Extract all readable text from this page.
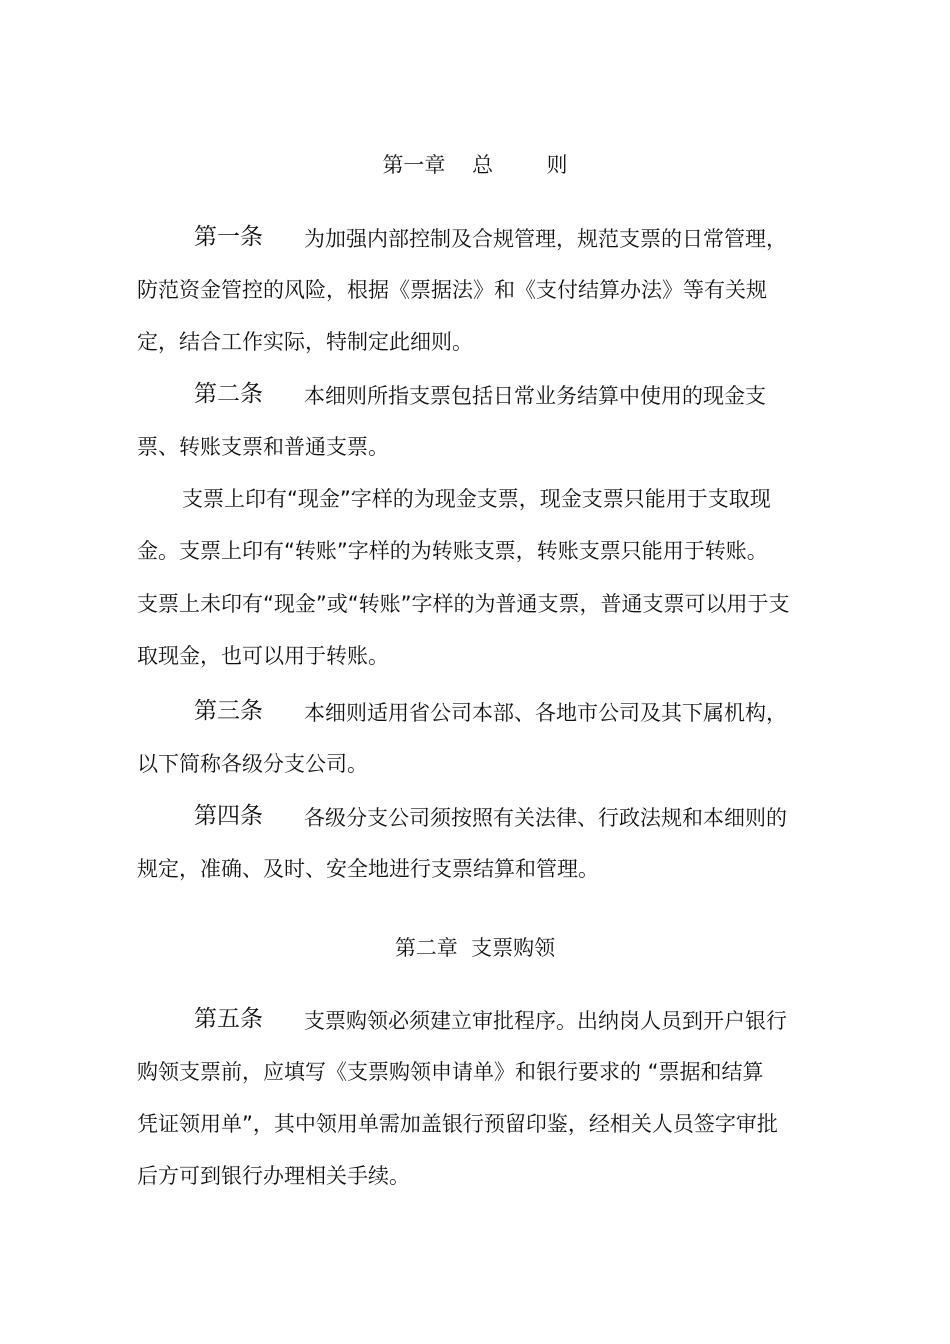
第一章    总        则
第一条 为加强内部控制及合规管理，规范支票的日常管理，
防范资金管控的风险，根据《票据法》和《支付结算办法》等有关规
定，结合工作实际，特制定此细则。
第二条 本细则所指支票包括日常业务结算中使用的现金支
票、转账支票和普通支票。
支票上印有“现金”字样的为现金支票，现金支票只能用于支取现
金。支票上印有“转账”字样的为转账支票，转账支票只能用于转账。
支票上未印有“现金”或“转账”字样的为普通支票，普通支票可以用于支
取现金，也可以用于转账。
第三条 本细则适用省公司本部、各地市公司及其下属机构，
以下简称各级分支公司。
第四条 各级分支公司须按照有关法律、行政法规和本细则的
规定，准确、及时、安全地进行支票结算和管理。
第二章  支票购领
第五条 支票购领必须建立审批程序。出纳岗人员到开户银行
购领支票前，应填写《支票购领申请单》和银行要求的 “票据和结算
凭证领用单”，其中领用单需加盖银行预留印鉴，经相关人员签字审批
后方可到银行办理相关手续。
